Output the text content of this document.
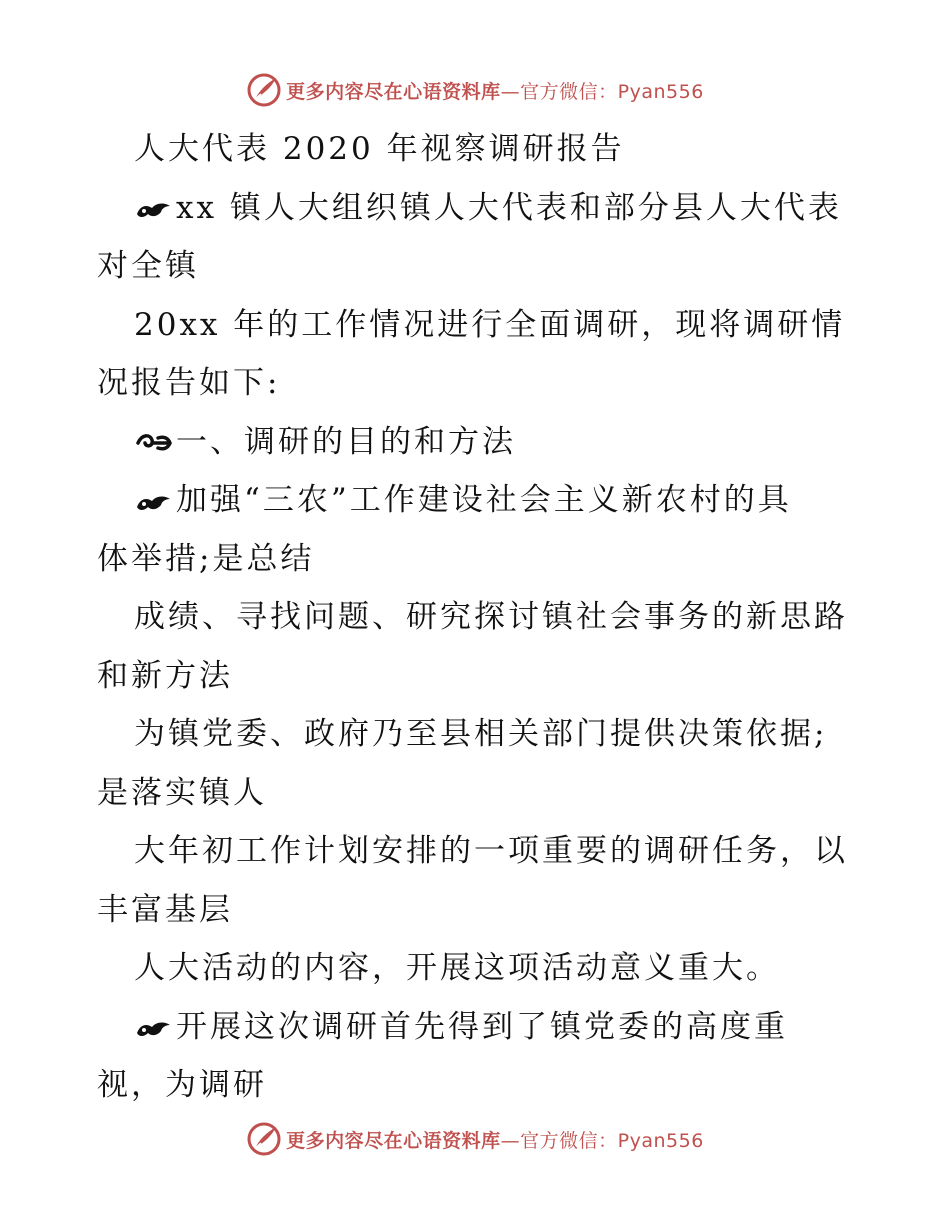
更多内容尽在心语资料库—官方微信：Pyan556
人大代表 2020 年视察调研报告
xx 镇人大组织镇人大代表和部分县人大代表
对全镇
20xx 年的工作情况进行全面调研，现将调研情
况报告如下:
一、调研的目的和方法
加强“三农”工作建设社会主义新农村的具
体举措;是总结
成绩、寻找问题、研究探讨镇社会事务的新思路
和新方法
为镇党委、政府乃至县相关部门提供决策依据;
是落实镇人
大年初工作计划安排的一项重要的调研任务，以
丰富基层
人大活动的内容，开展这项活动意义重大。
开展这次调研首先得到了镇党委的高度重
视，为调研
更多内容尽在心语资料库—官方微信：Pyan556
